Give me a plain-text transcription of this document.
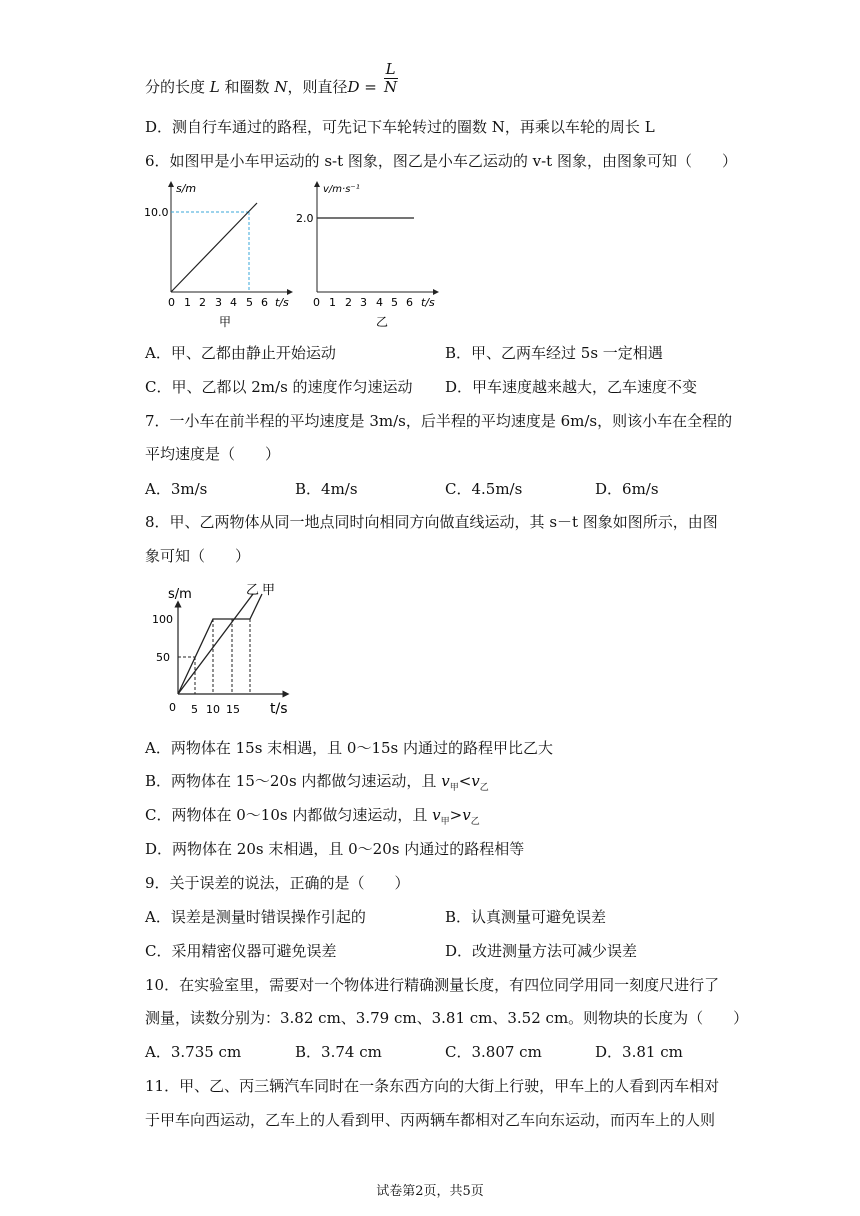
分的长度 L 和圈数 N，则直径$D = \frac{L}{N}$
D．测自行车通过的路程，可先记下车轮转过的圈数 N，再乘以车轮的周长 L
6．如图甲是小车甲运动的 s-t 图象，图乙是小车乙运动的 v-t 图象，由图象可知（　　）
s/m
10.0
0 1 2 3 4 5 6 t/s
甲
v/m·s⁻¹
2.0
0 1 2 3 4 5 6 t/s
乙
A．甲、乙都由静止开始运动	B．甲、乙两车经过 5s 一定相遇
C．甲、乙都以 2m/s 的速度作匀速运动 D．甲车速度越来越大，乙车速度不变
7．一小车在前半程的平均速度是 3m/s，后半程的平均速度是 6m/s，则该小车在全程的
平均速度是（　　）
A．3m/s	B．4m/s	C．4.5m/s	D．6m/s
8．甲、乙两物体从同一地点同时向相同方向做直线运动，其 s－t 图象如图所示，由图
象可知（　　）
s/m
100
50
0 5 10 15 t/s
乙 甲
A．两物体在 15s 末相遇，且 0～15s 内通过的路程甲比乙大
B．两物体在 15～20s 内都做匀速运动，且 $v_甲<v_乙$
C．两物体在 0～10s 内都做匀速运动，且 $v_甲>v_乙$
D．两物体在 20s 末相遇，且 0～20s 内通过的路程相等
9．关于误差的说法，正确的是（　　）
A．误差是测量时错误操作引起的	B．认真测量可避免误差
C．采用精密仪器可避免误差	D．改进测量方法可减少误差
10．在实验室里，需要对一个物体进行精确测量长度，有四位同学用同一刻度尺进行了
测量，读数分别为：3.82 cm、3.79 cm、3.81 cm、3.52 cm。则物块的长度为（　　）
A．3.735 cm	B．3.74 cm	C．3.807 cm	D．3.81 cm
11．甲、乙、丙三辆汽车同时在一条东西方向的大街上行驶，甲车上的人看到丙车相对
于甲车向西运动，乙车上的人看到甲、丙两辆车都相对乙车向东运动，而丙车上的人则
试卷第2页，共5页
